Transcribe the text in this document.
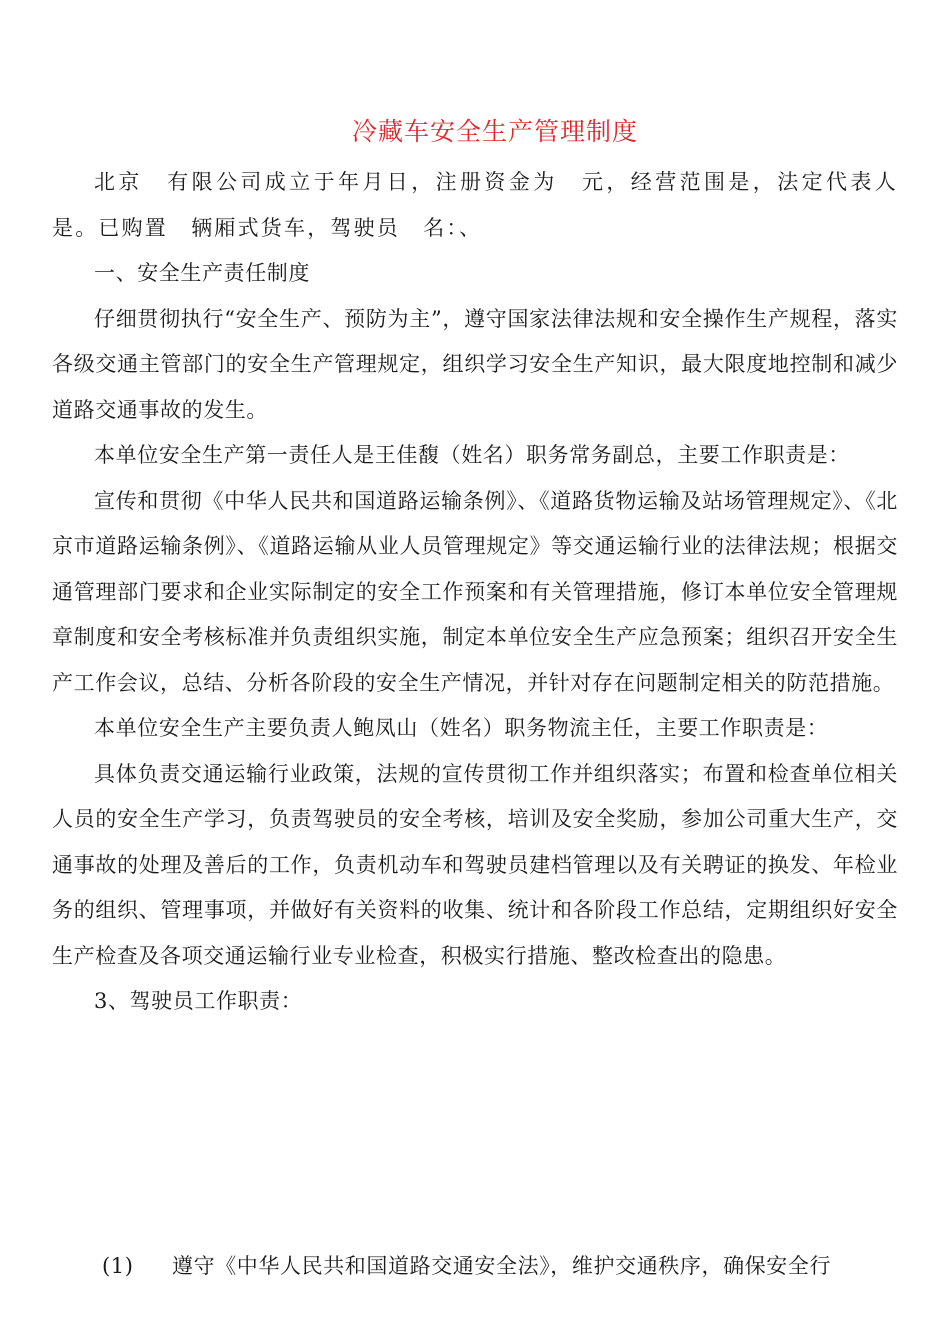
冷藏车安全生产管理制度

北京　有限公司成立于年月日，注册资金为　元，经营范围是，法定代表人是。已购置　辆厢式货车，驾驶员　名：、

一、安全生产责任制度

仔细贯彻执行“安全生产、预防为主”，遵守国家法律法规和安全操作生产规程，落实各级交通主管部门的安全生产管理规定，组织学习安全生产知识，最大限度地控制和减少道路交通事故的发生。

本单位安全生产第一责任人是王佳馥（姓名）职务常务副总，主要工作职责是：

宣传和贯彻《中华人民共和国道路运输条例》、《道路货物运输及站场管理规定》、《北京市道路运输条例》、《道路运输从业人员管理规定》等交通运输行业的法律法规；根据交通管理部门要求和企业实际制定的安全工作预案和有关管理措施，修订本单位安全管理规章制度和安全考核标准并负责组织实施，制定本单位安全生产应急预案；组织召开安全生产工作会议，总结、分析各阶段的安全生产情况，并针对存在问题制定相关的防范措施。

本单位安全生产主要负责人鲍凤山（姓名）职务物流主任，主要工作职责是：

具体负责交通运输行业政策，法规的宣传贯彻工作并组织落实；布置和检查单位相关人员的安全生产学习，负责驾驶员的安全考核，培训及安全奖励，参加公司重大生产，交通事故的处理及善后的工作，负责机动车和驾驶员建档管理以及有关聘证的换发、年检业务的组织、管理事项，并做好有关资料的收集、统计和各阶段工作总结，定期组织好安全生产检查及各项交通运输行业专业检查，积极实行措施、整改检查出的隐患。

3、驾驶员工作职责：

(1) 遵守《中华人民共和国道路交通安全法》，维护交通秩序，确保安全行
